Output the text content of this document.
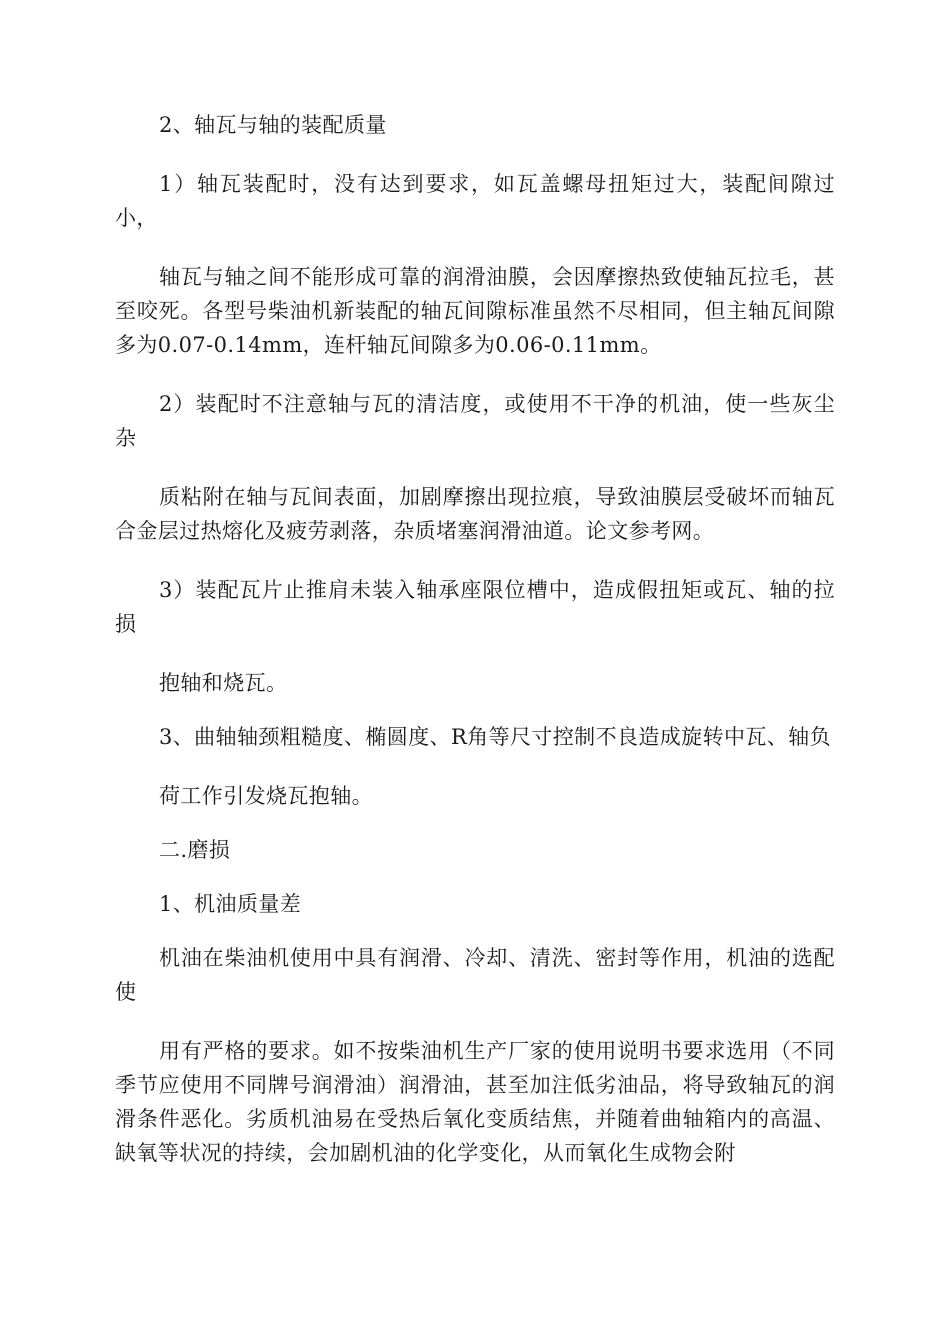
2、轴瓦与轴的装配质量

1）轴瓦装配时，没有达到要求，如瓦盖螺母扭矩过大，装配间隙过小，

轴瓦与轴之间不能形成可靠的润滑油膜，会因摩擦热致使轴瓦拉毛，甚至咬死。各型号柴油机新装配的轴瓦间隙标准虽然不尽相同，但主轴瓦间隙多为0.07-0.14mm，连杆轴瓦间隙多为0.06-0.11mm。

2）装配时不注意轴与瓦的清洁度，或使用不干净的机油，使一些灰尘杂

质粘附在轴与瓦间表面，加剧摩擦出现拉痕，导致油膜层受破坏而轴瓦合金层过热熔化及疲劳剥落，杂质堵塞润滑油道。论文参考网。

3）装配瓦片止推肩未装入轴承座限位槽中，造成假扭矩或瓦、轴的拉损

抱轴和烧瓦。

3、曲轴轴颈粗糙度、椭圆度、R角等尺寸控制不良造成旋转中瓦、轴负

荷工作引发烧瓦抱轴。

二.磨损

1、机油质量差

机油在柴油机使用中具有润滑、冷却、清洗、密封等作用，机油的选配使

用有严格的要求。如不按柴油机生产厂家的使用说明书要求选用（不同季节应使用不同牌号润滑油）润滑油，甚至加注低劣油品，将导致轴瓦的润滑条件恶化。劣质机油易在受热后氧化变质结焦，并随着曲轴箱内的高温、缺氧等状况的持续，会加剧机油的化学变化，从而氧化生成物会附
